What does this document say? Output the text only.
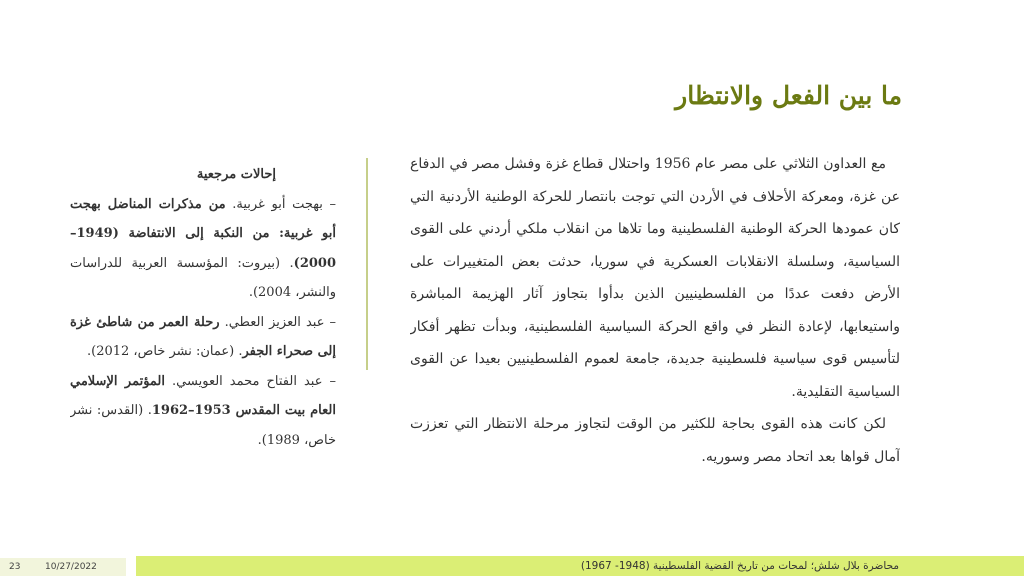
ما بين الفعل والانتظار

مع العداون الثلاثي على مصر عام 1956 واحتلال قطاع غزة وفشل مصر في الدفاع عن غزة، ومعركة الأحلاف في الأردن التي توجت بانتصار للحركة الوطنية الأردنية التي كان عمودها الحركة الوطنية الفلسطينية وما تلاها من انقلاب ملكي أردني على القوى السياسية، وسلسلة الانقلابات العسكرية في سوريا، حدثت بعض المتغييرات على الأرض دفعت عددًا من الفلسطينيين الذين بدأوا بتجاوز آثار الهزيمة المباشرة واستيعابها، لإعادة النظر في واقع الحركة السياسية الفلسطينية، وبدأت تظهر أفكار لتأسيس قوى سياسية فلسطينية جديدة، جامعة لعموم الفلسطينيين بعيدا عن القوى السياسية التقليدية.

لكن كانت هذه القوى بحاجة للكثير من الوقت لتجاوز مرحلة الانتظار التي تعززت آمال قواها بعد اتحاد مصر وسوريه.

إحالات مرجعية

– بهجت أبو غربية. من مذكرات المناضل بهجت أبو غربية: من النكبة إلى الانتفاضة (1949–2000). (بيروت: المؤسسة العربية للدراسات والنشر، 2004).
– عبد العزيز العطي. رحلة العمر من شاطئ غزة إلى صحراء الجفر. (عمان: نشر خاص، 2012).
– عبد الفتاح محمد العويسي. المؤتمر الإسلامي العام بيت المقدس 1953–1962. (القدس: نشر خاص، 1989).
23	10/27/2022	محاضرة بلال شلش؛ لمحات من تاريخ القضية الفلسطينية (1948- 1967)
